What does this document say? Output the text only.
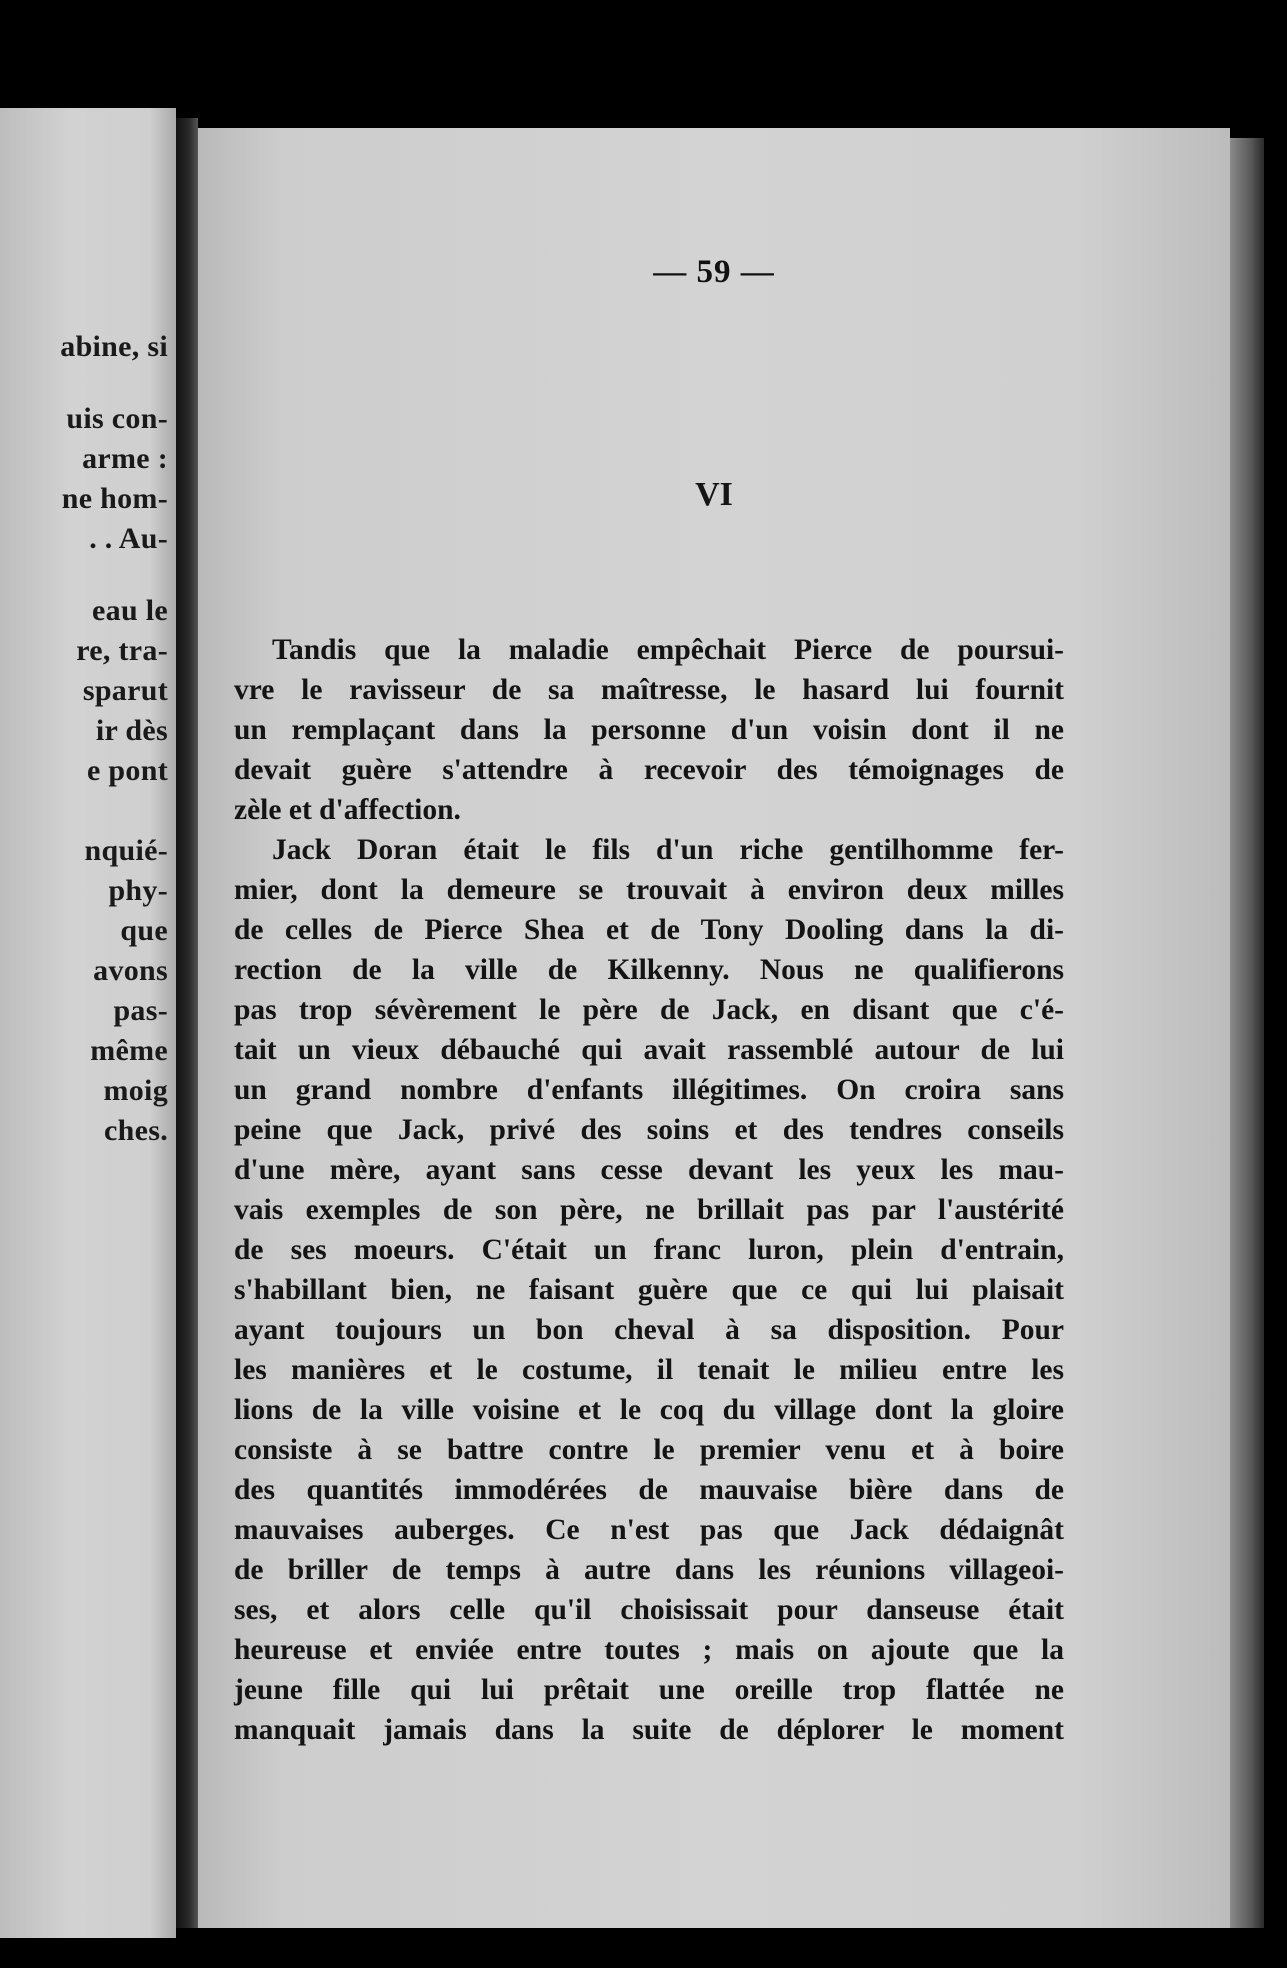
abine, si
uis con-
arme :
ne hom-
. . Au-
eau le
re, tra-
sparut
ir dès
e pont
nquié-
phy-
que
avons
pas-
même
moig
ches.
— 59 —
VI
Tandis que la maladie empêchait Pierce de poursui-
vre le ravisseur de sa maîtresse, le hasard lui fournit
un remplaçant dans la personne d'un voisin dont il ne
devait guère s'attendre à recevoir des témoignages de
zèle et d'affection.
Jack Doran était le fils d'un riche gentilhomme fer-
mier, dont la demeure se trouvait à environ deux milles
de celles de Pierce Shea et de Tony Dooling dans la di-
rection de la ville de Kilkenny. Nous ne qualifierons
pas trop sévèrement le père de Jack, en disant que c'é-
tait un vieux débauché qui avait rassemblé autour de lui
un grand nombre d'enfants illégitimes. On croira sans
peine que Jack, privé des soins et des tendres conseils
d'une mère, ayant sans cesse devant les yeux les mau-
vais exemples de son père, ne brillait pas par l'austérité
de ses moeurs. C'était un franc luron, plein d'entrain,
s'habillant bien, ne faisant guère que ce qui lui plaisait
ayant toujours un bon cheval à sa disposition. Pour
les manières et le costume, il tenait le milieu entre les
lions de la ville voisine et le coq du village dont la gloire
consiste à se battre contre le premier venu et à boire
des quantités immodérées de mauvaise bière dans de
mauvaises auberges. Ce n'est pas que Jack dédaignât
de briller de temps à autre dans les réunions villageoi-
ses, et alors celle qu'il choisissait pour danseuse était
heureuse et enviée entre toutes ; mais on ajoute que la
jeune fille qui lui prêtait une oreille trop flattée ne
manquait jamais dans la suite de déplorer le moment
